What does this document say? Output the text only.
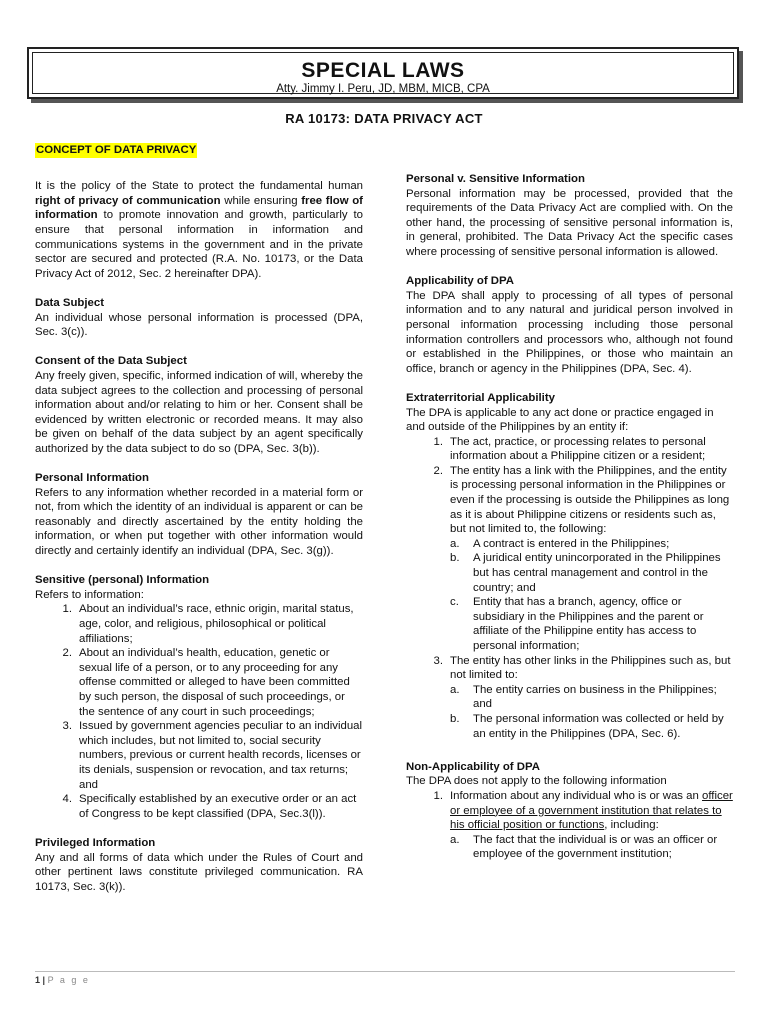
SPECIAL LAWS
Atty. Jimmy I. Peru, JD, MBM, MICB, CPA
RA 10173: DATA PRIVACY ACT

CONCEPT OF DATA PRIVACY

It is the policy of the State to protect the fundamental human right of privacy of communication while ensuring free flow of information to promote innovation and growth, particularly to ensure that personal information in information and communications systems in the government and in the private sector are secured and protected (R.A. No. 10173, or the Data Privacy Act of 2012, Sec. 2 hereinafter DPA).

Data Subject

An individual whose personal information is processed (DPA, Sec. 3(c)).

Consent of the Data Subject

Any freely given, specific, informed indication of will, whereby the data subject agrees to the collection and processing of personal information about and/or relating to him or her. Consent shall be evidenced by written electronic or recorded means. It may also be given on behalf of the data subject by an agent specifically authorized by the data subject to do so (DPA, Sec. 3(b)).

Personal Information

Refers to any information whether recorded in a material form or not, from which the identity of an individual is apparent or can be reasonably and directly ascertained by the entity holding the information, or when put together with other information would directly and certainly identify an individual (DPA, Sec. 3(g)).

Sensitive (personal) Information

Refers to information:

1. About an individual’s race, ethnic origin, marital status, age, color, and religious, philosophical or political affiliations;
2. About an individual’s health, education, genetic or sexual life of a person, or to any proceeding for any offense committed or alleged to have been committed by such person, the disposal of such proceedings, or the sentence of any court in such proceedings;
3. Issued by government agencies peculiar to an individual which includes, but not limited to, social security numbers, previous or current health records, licenses or its denials, suspension or revocation, and tax returns; and
4. Specifically established by an executive order or an act of Congress to be kept classified (DPA, Sec.3(l)).

Privileged Information

Any and all forms of data which under the Rules of Court and other pertinent laws constitute privileged communication. RA 10173, Sec. 3(k)).

Personal v. Sensitive Information

Personal information may be processed, provided that the requirements of the Data Privacy Act are complied with. On the other hand, the processing of sensitive personal information is, in general, prohibited. The Data Privacy Act the specific cases where processing of sensitive personal information is allowed.

Applicability of DPA

The DPA shall apply to processing of all types of personal information and to any natural and juridical person involved in personal information processing including those personal information controllers and processors who, although not found or established in the Philippines, or those who maintain an office, branch or agency in the Philippines (DPA, Sec. 4).

Extraterritorial Applicability

The DPA is applicable to any act done or practice engaged in and outside of the Philippines by an entity if:

1. The act, practice, or processing relates to personal information about a Philippine citizen or a resident;
2. The entity has a link with the Philippines, and the entity is processing personal information in the Philippines or even if the processing is outside the Philippines as long as it is about Philippine citizens or residents such as, but not limited to, the following:
a.	A contract is entered in the Philippines;
b.	A juridical entity unincorporated in the Philippines but has central management and control in the country; and
c.	Entity that has a branch, agency, office or subsidiary in the Philippines and the parent or affiliate of the Philippine entity has access to personal information;
3. The entity has other links in the Philippines such as, but not limited to:
a.	The entity carries on business in the Philippines; and
b.	The personal information was collected or held by an entity in the Philippines (DPA, Sec. 6).

Non-Applicability of DPA

The DPA does not apply to the following information

1. Information about any individual who is or was an officer or employee of a government institution that relates to his official position or functions, including:
a.	The fact that the individual is or was an officer or employee of the government institution;
1 | P a g e
